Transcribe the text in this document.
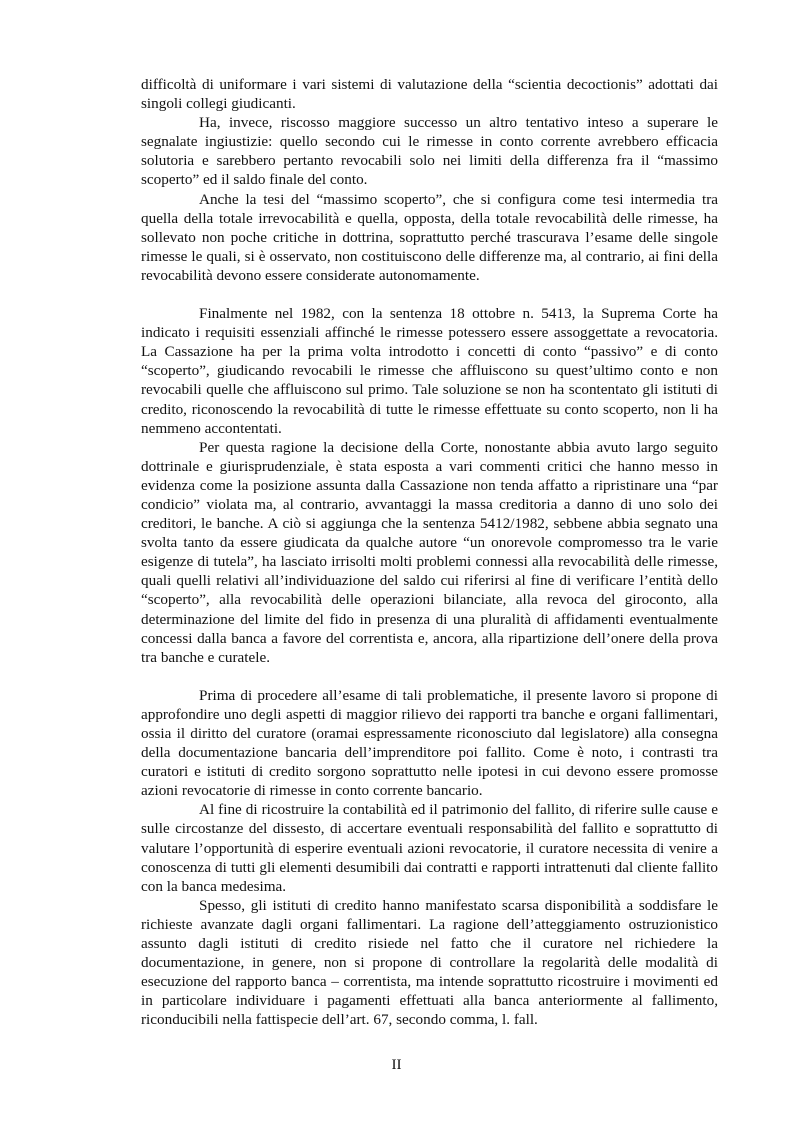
difficoltà di uniformare i vari sistemi di valutazione della “scientia decoctionis” adottati dai singoli collegi giudicanti.

Ha, invece, riscosso maggiore successo un altro tentativo inteso a superare le segnalate ingiustizie: quello secondo cui le rimesse in conto corrente avrebbero efficacia solutoria e sarebbero pertanto revocabili solo nei limiti della differenza fra il “massimo scoperto” ed il saldo finale del conto.

Anche la tesi del “massimo scoperto”, che si configura come tesi intermedia tra quella della totale irrevocabilità e quella, opposta, della totale revocabilità delle rimesse, ha sollevato non poche critiche in dottrina, soprattutto perché trascurava l’esame delle singole rimesse le quali, si è osservato, non costituiscono delle differenze ma, al contrario, ai fini della revocabilità devono essere considerate autonomamente.

Finalmente nel 1982, con la sentenza 18 ottobre n. 5413, la Suprema Corte ha indicato i requisiti essenziali affinché le rimesse potessero essere assoggettate a revocatoria. La Cassazione ha per la prima volta introdotto i concetti di conto “passivo” e di conto “scoperto”, giudicando revocabili le rimesse che affluiscono su quest’ultimo conto e non revocabili quelle che affluiscono sul primo. Tale soluzione se non ha scontentato gli istituti di credito, riconoscendo la revocabilità di tutte le rimesse effettuate su conto scoperto, non li ha nemmeno accontentati.

Per questa ragione la decisione della Corte, nonostante abbia avuto largo seguito dottrinale e giurisprudenziale, è stata esposta a vari commenti critici che hanno messo in evidenza come la posizione assunta dalla Cassazione non tenda affatto a ripristinare una “par condicio” violata ma, al contrario, avvantaggi la massa creditoria a danno di uno solo dei creditori, le banche. A ciò si aggiunga che la sentenza 5412/1982, sebbene abbia segnato una svolta tanto da essere giudicata da qualche autore “un onorevole compromesso tra le varie esigenze di tutela”, ha lasciato irrisolti molti problemi connessi alla revocabilità delle rimesse, quali quelli relativi all’individuazione del saldo cui riferirsi al fine di verificare l’entità dello “scoperto”, alla revocabilità delle operazioni bilanciate, alla revoca del giroconto, alla determinazione del limite del fido in presenza di una pluralità di affidamenti eventualmente concessi dalla banca a favore del correntista e, ancora, alla ripartizione dell’onere della prova tra banche e curatele.

Prima di procedere all’esame di tali problematiche, il presente lavoro si propone di approfondire uno degli aspetti di maggior rilievo dei rapporti tra banche e organi fallimentari, ossia il diritto del curatore (oramai espressamente riconosciuto dal legislatore) alla consegna della documentazione bancaria dell’imprenditore poi fallito. Come è noto, i contrasti tra curatori e istituti di credito sorgono soprattutto nelle ipotesi in cui devono essere promosse azioni revocatorie di rimesse in conto corrente bancario.

Al fine di ricostruire la contabilità ed il patrimonio del fallito, di riferire sulle cause e sulle circostanze del dissesto, di accertare eventuali responsabilità del fallito e soprattutto di valutare l’opportunità di esperire eventuali azioni revocatorie, il curatore necessita di venire a conoscenza di tutti gli elementi desumibili dai contratti e rapporti intrattenuti dal cliente fallito con la banca medesima.

Spesso, gli istituti di credito hanno manifestato scarsa disponibilità a soddisfare le richieste avanzate dagli organi fallimentari. La ragione dell’atteggiamento ostruzionistico assunto dagli istituti di credito risiede nel fatto che il curatore nel richiedere la documentazione, in genere, non si propone di controllare la regolarità delle modalità di esecuzione del rapporto banca – correntista, ma intende soprattutto ricostruire i movimenti ed in particolare individuare i pagamenti effettuati alla banca anteriormente al fallimento, riconducibili nella fattispecie dell’art. 67, secondo comma, l. fall.

II
